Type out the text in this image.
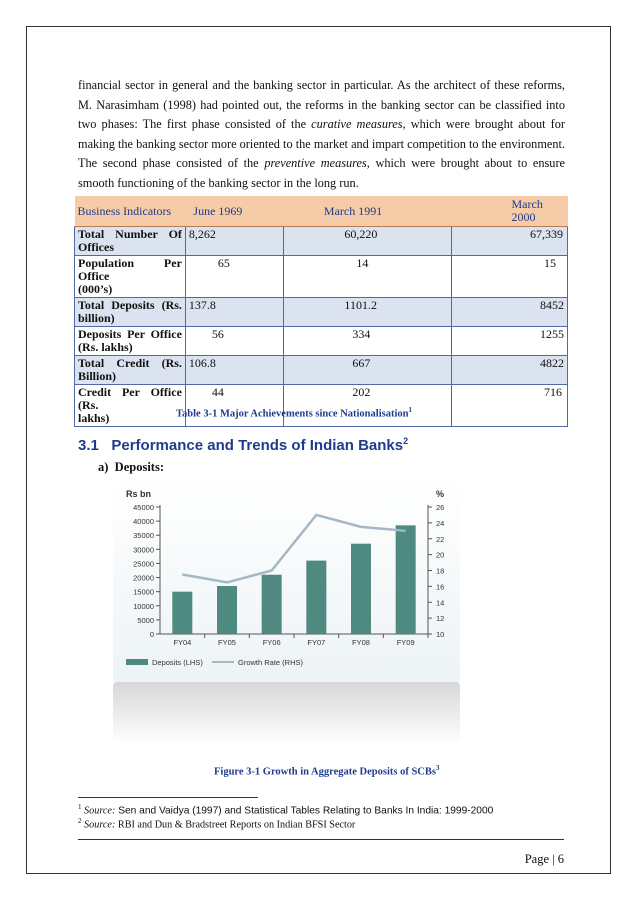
financial sector in general and the banking sector in particular. As the architect of these reforms, M. Narasimham (1998) had pointed out, the reforms in the banking sector can be classified into two phases: The first phase consisted of the curative measures, which were brought about for making the banking sector more oriented to the market and impart competition to the environment. The second phase consisted of the preventive measures, which were brought about to ensure smooth functioning of the banking sector in the long run.

Business Indicators	June 1969	March 1991	March 2000

Total Number Of
Offices	8,262	60,220	67,339

Population Per Office
(000’s)	65	14	15

Total Deposits (Rs.
billion)	137.8	1101.2	8452

Deposits Per Office
(Rs. lakhs)	56	334	1255

Total Credit (Rs.
Billion)	106.8	667	4822

Credit Per Office (Rs.
lakhs)	44	202	716
Table 3-1 Major Achievements since Nationalisation$^1$
3.1 Performance and Trends of Indian Banks$^2$
a) Deposits:
Rs bn	%
0
5000
10000
15000
20000
25000
30000
35000
40000
45000
10
12
14
16
18
20
22
24
26
FY04	FY05	FY06	FY07	FY08	FY09
Deposits (LHS)	Growth Rate (RHS)
Figure 3-1 Growth in Aggregate Deposits of SCBs$^3$
$^1$ Source: Sen and Vaidya (1997) and Statistical Tables Relating to Banks In India: 1999-2000
$^2$ Source: RBI and Dun & Bradstreet Reports on Indian BFSI Sector
Page | 6
